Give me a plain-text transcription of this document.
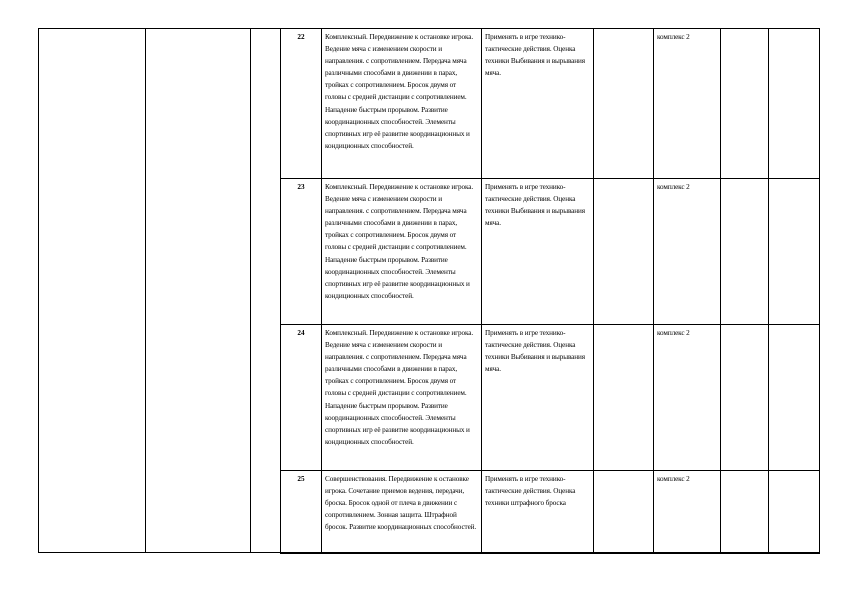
			22	Комплексный. Передвижение к остановке игрока. Ведение мяча с изменением скорости и направления. с сопротивлением. Передача мяча различными способами в движении в парах, тройках с сопротивлением. Бросок двумя от головы с средней дистанции с сопротивлением. Нападение быстрым прорывом. Развитие координационных способностей. Элементы спортивных игр её развитие координационных и кондиционных способностей.	Применять в игре технико-тактические действия. Оценка техники Выбивания и вырывания мяча.		комплекс 2		
			23	Комплексный. Передвижение к остановке игрока. Ведение мяча с изменением скорости и направления. с сопротивлением. Передача мяча различными способами в движении в парах, тройках с сопротивлением. Бросок двумя от головы с средней дистанции с сопротивлением. Нападение быстрым прорывом. Развитие координационных способностей. Элементы спортивных игр её развитие координационных и кондиционных способностей.	Применять в игре технико-тактические действия. Оценка техники Выбивания и вырывания мяча.		комплекс 2		
			24	Комплексный. Передвижение к остановке игрока. Ведение мяча с изменением скорости и направления. с сопротивлением. Передача мяча различными способами в движении в парах, тройках с сопротивлением. Бросок двумя от головы с средней дистанции с сопротивлением. Нападение быстрым прорывом. Развитие координационных способностей. Элементы спортивных игр её развитие координационных и кондиционных способностей.	Применять в игре технико-тактические действия. Оценка техники Выбивания и вырывания мяча.		комплекс 2		
			25	Совершенствования. Передвижение к остановке игрока. Сочетание приемов ведения, передачи, броска. Бросок одной от плеча в движении с сопротивлением. Зонная защита. Штрафной бросок. Развитие координационных способностей.	Применять в игре технико-тактические действия. Оценка техники штрафного броска		комплекс 2		
